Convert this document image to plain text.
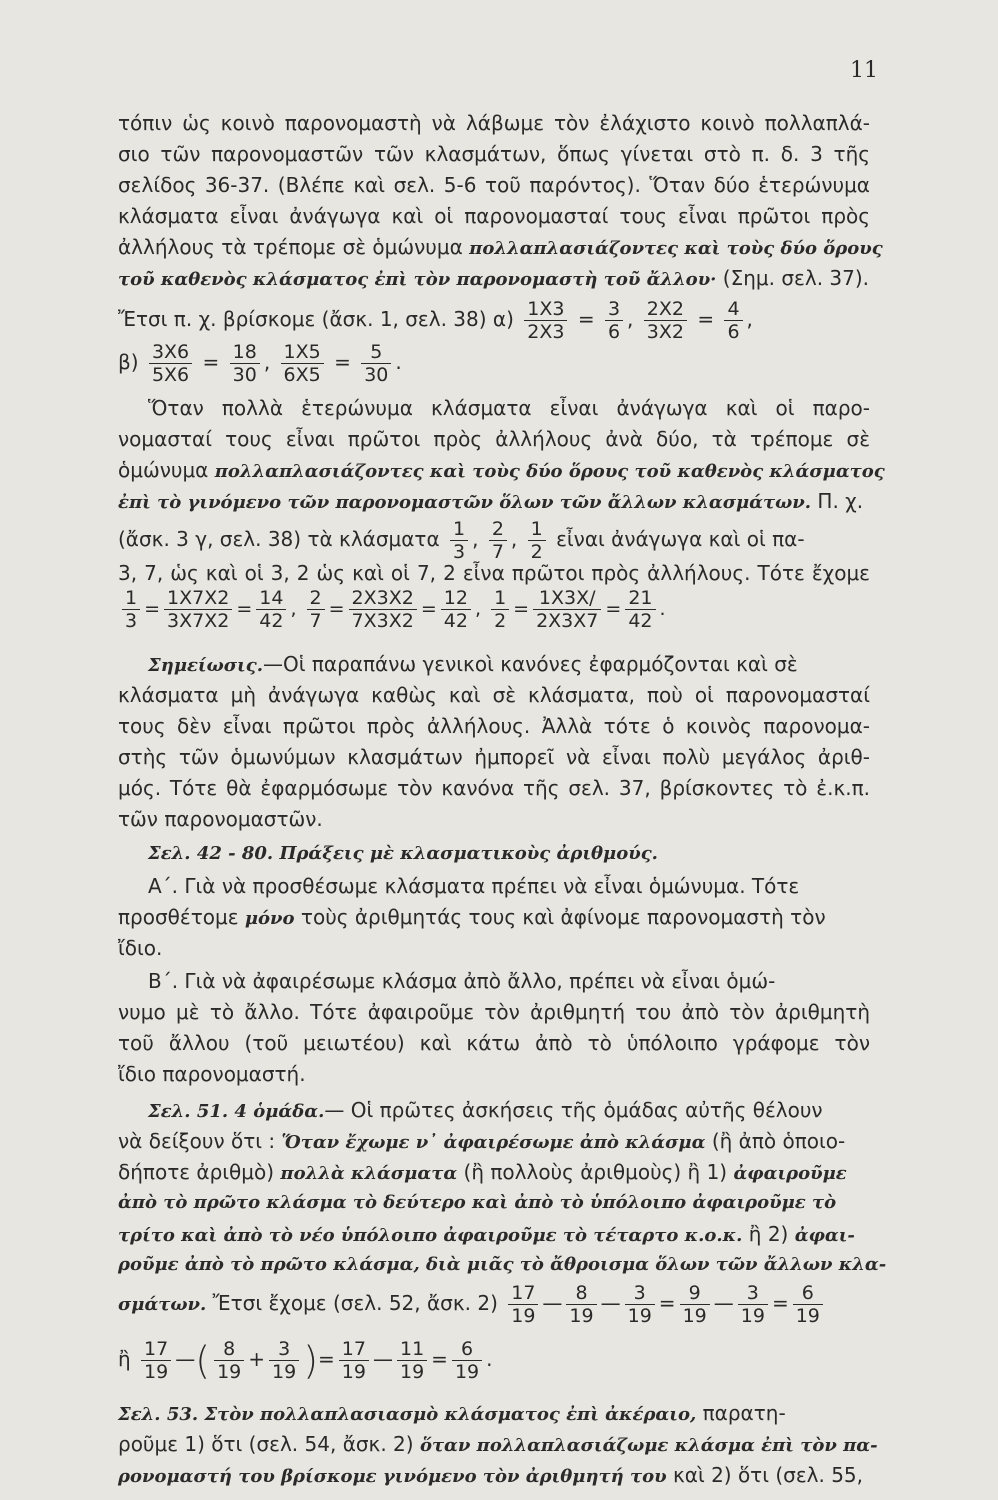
11
τόπιν ὡς κοινὸ παρονομαστὴ νὰ λάβωμε τὸν ἐλάχιστο κοινὸ πολλαπλά-
σιο τῶν παρονομαστῶν τῶν κλασμάτων, ὅπως γίνεται στὸ π. δ. 3 τῆς
σελίδος 36-37. (Βλέπε καὶ σελ. 5-6 τοῦ παρόντος). Ὅταν δύο ἑτερώνυμα
κλάσματα εἶναι ἀνάγωγα καὶ οἱ παρονομασταί τους εἶναι πρῶτοι πρὸς
ἀλλήλους τὰ τρέπομε σὲ ὁμώνυμα πολλαπλασιάζοντες καὶ τοὺς δύο ὅρους
τοῦ καθενὸς κλάσματος ἐπὶ τὸν παρονομαστὴ τοῦ ἄλλου· (Σημ. σελ. 37).
Ἔτσι π. χ. βρίσκομε (ἄσκ. 1, σελ. 38) $\alpha) \frac{1X3}{2X3} = \frac{3}{6}$ , $\frac{2X2}{3X2} = \frac{4}{6}$ ,
$\beta) \frac{3X6}{5X6} = \frac{18}{30}$ , $\frac{1X5}{6X5} = \frac{5}{30}$ .
Ὅταν πολλὰ ἑτερώνυμα κλάσματα εἶναι ἀνάγωγα καὶ οἱ παρο-
νομασταί τους εἶναι πρῶτοι πρὸς ἀλλήλους ἀνὰ δύο, τὰ τρέπομε σὲ
ὁμώνυμα πολλαπλασιάζοντες καὶ τοὺς δύο ὅρους τοῦ καθενὸς κλάσματος
ἐπὶ τὸ γινόμενο τῶν παρονομαστῶν ὅλων τῶν ἄλλων κλασμάτων. Π. χ.
(ἄσκ. 3 γ, σελ. 38) τὰ κλάσματα $\frac{1}{3}$ , $\frac{2}{7}$ , $\frac{1}{2}$ εἶναι ἀνάγωγα καὶ οἱ πα-
3, 7, ὡς καὶ οἱ 3, 2 ὡς καὶ οἱ 7, 2 εἶνα πρῶτοι πρὸς ἀλλήλους. Τότε ἔχομε
$\frac{1}{3} = \frac{1X7X2}{3X7X2} = \frac{14}{42}$ , $\frac{2}{7} = \frac{2X3X2}{7X3X2} = \frac{12}{42}$ , $\frac{1}{2} = \frac{1X3X/}{2X3X7} = \frac{21}{42}$ .
Σημείωσις.—Οἱ παραπάνω γενικοὶ κανόνες ἐφαρμόζονται καὶ σὲ
κλάσματα μὴ ἀνάγωγα καθὼς καὶ σὲ κλάσματα, ποὺ οἱ παρονομασταί
τους δὲν εἶναι πρῶτοι πρὸς ἀλλήλους. Ἀλλὰ τότε ὁ κοινὸς παρονομα-
στὴς τῶν ὁμωνύμων κλασμάτων ἠμπορεῖ νὰ εἶναι πολὺ μεγάλος ἀριθ-
μός. Τότε θὰ ἐφαρμόσωμε τὸν κανόνα τῆς σελ. 37, βρίσκοντες τὸ ἐ.κ.π.
τῶν παρονομαστῶν.
Σελ. 42 - 80. Πράξεις μὲ κλασματικοὺς ἀριθμούς.
Α΄. Γιὰ νὰ προσθέσωμε κλάσματα πρέπει νὰ εἶναι ὁμώνυμα. Τότε
προσθέτομε μόνο τοὺς ἀριθμητάς τους καὶ ἀφίνομε παρονομαστὴ τὸν
ἴδιο.
Β΄. Γιὰ νὰ ἀφαιρέσωμε κλάσμα ἀπὸ ἄλλο, πρέπει νὰ εἶναι ὁμώ-
νυμο μὲ τὸ ἄλλο. Τότε ἀφαιροῦμε τὸν ἀριθμητή του ἀπὸ τὸν ἀριθμητὴ
τοῦ ἄλλου (τοῦ μειωτέου) καὶ κάτω ἀπὸ τὸ ὑπόλοιπο γράφομε τὸν
ἴδιο παρονομαστή.
Σελ. 51. 4 ὁμάδα.— Οἱ πρῶτες ἀσκήσεις τῆς ὁμάδας αὐτῆς θέλουν
νὰ δείξουν ὅτι : Ὅταν ἔχωμε ν᾽ ἀφαιρέσωμε ἀπὸ κλάσμα (ἢ ἀπὸ ὁποιο-
δήποτε ἀριθμὸ) πολλὰ κλάσματα (ἢ πολλοὺς ἀριθμοὺς) ἢ 1) ἀφαιροῦμε
ἀπὸ τὸ πρῶτο κλάσμα τὸ δεύτερο καὶ ἀπὸ τὸ ὑπόλοιπο ἀφαιροῦμε τὸ
τρίτο καὶ ἀπὸ τὸ νέο ὑπόλοιπο ἀφαιροῦμε τὸ τέταρτο κ.ο.κ. ἢ 2) ἀφαι-
ροῦμε ἀπὸ τὸ πρῶτο κλάσμα, διὰ μιᾶς τὸ ἄθροισμα ὅλων τῶν ἄλλων κλα-
σμάτων. Ἔτσι ἔχομε (σελ. 52, ἄσκ. $2) \frac{17}{19}$ — $\frac{8}{19}$ — $\frac{3}{19} = \frac{9}{19}$ — $\frac{3}{19} = \frac{6}{19}$
ἢ $\frac{17}{19}$ —( $\frac{8}{19} + \frac{3}{19}$ )= $\frac{17}{19}$ — $\frac{11}{19} = \frac{6}{19}$ .
Σελ. 53. Στὸν πολλαπλασιασμὸ κλάσματος ἐπὶ ἀκέραιο, παρατη-
ροῦμε 1) ὅτι (σελ. 54, ἄσκ. 2) ὅταν πολλαπλασιάζωμε κλάσμα ἐπὶ τὸν πα-
ρονομαστή του βρίσκομε γινόμενο τὸν ἀριθμητή του καὶ 2) ὅτι (σελ. 55,
